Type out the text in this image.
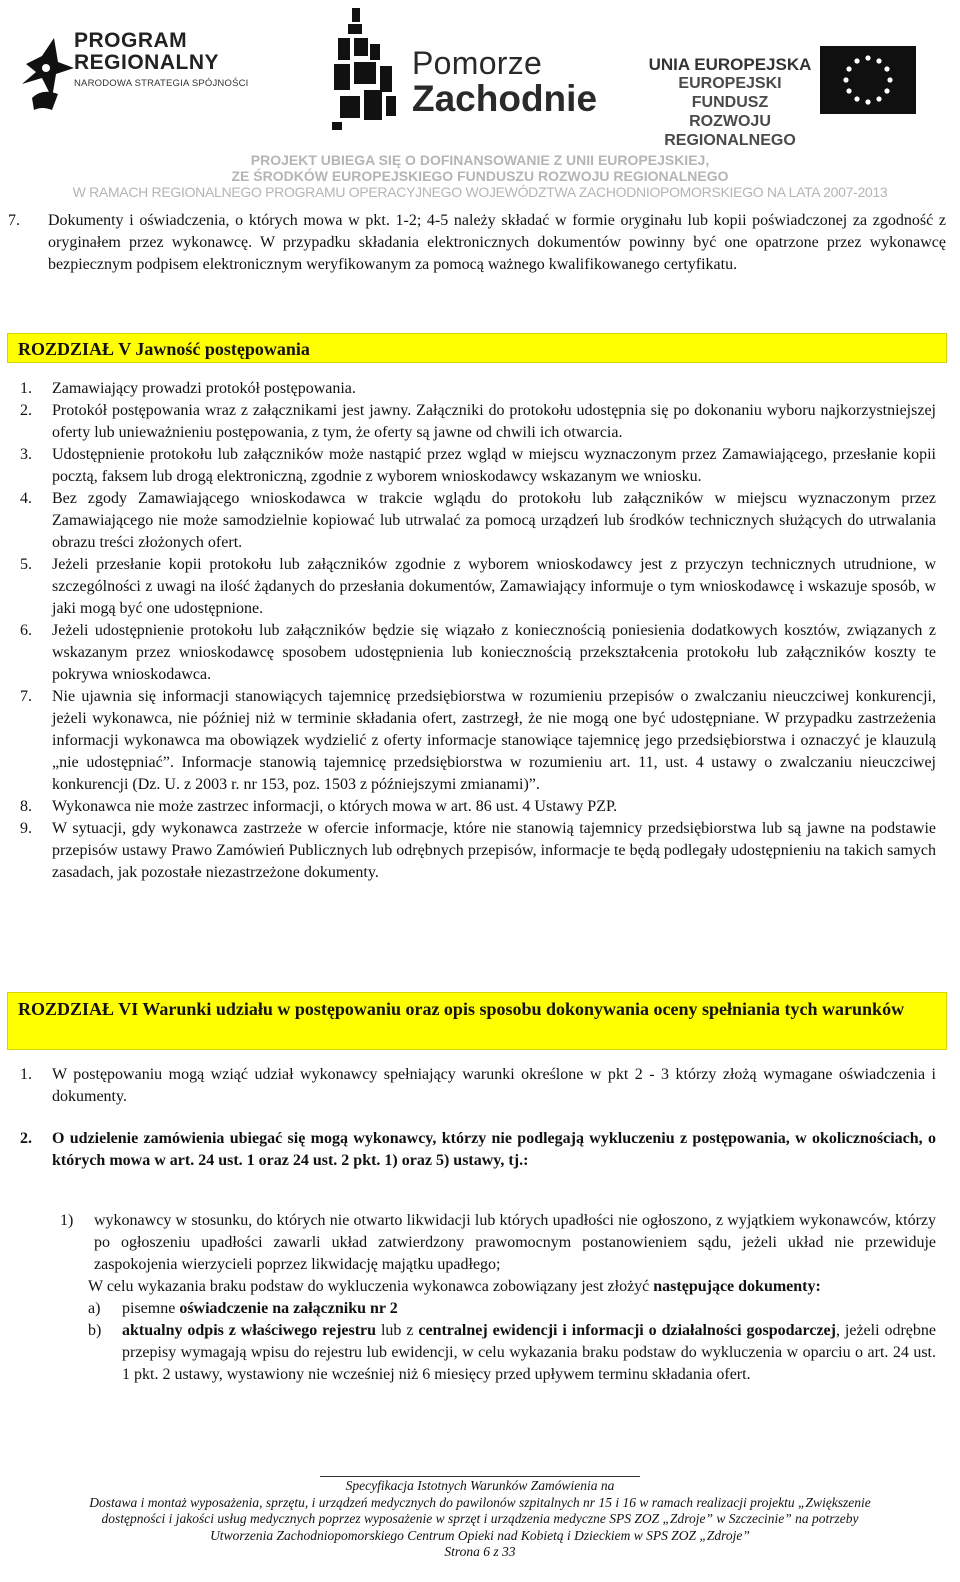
PROGRAM
REGIONALNY
NARODOWA STRATEGIA SPÓJNOŚCI
Pomorze
Zachodnie
UNIA EUROPEJSKA
EUROPEJSKI FUNDUSZ
ROZWOJU REGIONALNEGO
PROJEKT UBIEGA SIĘ O DOFINANSOWANIE Z UNII EUROPEJSKIEJ,
ZE ŚRODKÓW EUROPEJSKIEGO FUNDUSZU ROZWOJU REGIONALNEGO
W RAMACH REGIONALNEGO PROGRAMU OPERACYJNEGO WOJEWÓDZTWA ZACHODNIOPOMORSKIEGO NA LATA 2007-2013
7. Dokumenty i oświadczenia, o których mowa w pkt. 1-2; 4-5 należy składać w formie oryginału lub kopii poświadczonej za zgodność z oryginałem przez wykonawcę. W przypadku składania elektronicznych dokumentów powinny być one opatrzone przez wykonawcę bezpiecznym podpisem elektronicznym weryfikowanym za pomocą ważnego kwalifikowanego certyfikatu.
ROZDZIAŁ V Jawność postępowania
1. Zamawiający prowadzi protokół postępowania.
2. Protokół postępowania wraz z załącznikami jest jawny. Załączniki do protokołu udostępnia się po dokonaniu wyboru najkorzystniejszej oferty lub unieważnieniu postępowania, z tym, że oferty są jawne od chwili ich otwarcia.
3. Udostępnienie protokołu lub załączników może nastąpić przez wgląd w miejscu wyznaczonym przez Zamawiającego, przesłanie kopii pocztą, faksem lub drogą elektroniczną, zgodnie z wyborem wnioskodawcy wskazanym we wniosku.
4. Bez zgody Zamawiającego wnioskodawca w trakcie wglądu do protokołu lub załączników w miejscu wyznaczonym przez Zamawiającego nie może samodzielnie kopiować lub utrwalać za pomocą urządzeń lub środków technicznych służących do utrwalania obrazu treści złożonych ofert.
5. Jeżeli przesłanie kopii protokołu lub załączników zgodnie z wyborem wnioskodawcy jest z przyczyn technicznych utrudnione, w szczególności z uwagi na ilość żądanych do przesłania dokumentów, Zamawiający informuje o tym wnioskodawcę i wskazuje sposób, w jaki mogą być one udostępnione.
6. Jeżeli udostępnienie protokołu lub załączników będzie się wiązało z koniecznością poniesienia dodatkowych kosztów, związanych z wskazanym przez wnioskodawcę sposobem udostępnienia lub koniecznością przekształcenia protokołu lub załączników koszty te pokrywa wnioskodawca.
7. Nie ujawnia się informacji stanowiących tajemnicę przedsiębiorstwa w rozumieniu przepisów o zwalczaniu nieuczciwej konkurencji, jeżeli wykonawca, nie później niż w terminie składania ofert, zastrzegł, że nie mogą one być udostępniane. W przypadku zastrzeżenia informacji wykonawca ma obowiązek wydzielić z oferty informacje stanowiące tajemnicę jego przedsiębiorstwa i oznaczyć je klauzulą „nie udostępniać”. Informacje stanowią tajemnicę przedsiębiorstwa w rozumieniu art. 11, ust. 4 ustawy o zwalczaniu nieuczciwej konkurencji (Dz. U. z 2003 r. nr 153, poz. 1503 z późniejszymi zmianami)”.
8. Wykonawca nie może zastrzec informacji, o których mowa w art. 86 ust. 4 Ustawy PZP.
9. W sytuacji, gdy wykonawca zastrzeże w ofercie informacje, które nie stanowią tajemnicy przedsiębiorstwa lub są jawne na podstawie przepisów ustawy Prawo Zamówień Publicznych lub odrębnych przepisów, informacje te będą podlegały udostępnieniu na takich samych zasadach, jak pozostałe niezastrzeżone dokumenty.
ROZDZIAŁ VI Warunki udziału w postępowaniu oraz opis sposobu dokonywania oceny spełniania tych warunków
1. W postępowaniu mogą wziąć udział wykonawcy spełniający warunki określone w pkt 2 - 3 którzy złożą wymagane oświadczenia i dokumenty.
2. O udzielenie zamówienia ubiegać się mogą wykonawcy, którzy nie podlegają wykluczeniu z postępowania, w okolicznościach, o których mowa w art. 24 ust. 1 oraz 24 ust. 2 pkt. 1) oraz 5) ustawy, tj.:
1) wykonawcy w stosunku, do których nie otwarto likwidacji lub których upadłości nie ogłoszono, z wyjątkiem wykonawców, którzy po ogłoszeniu upadłości zawarli układ zatwierdzony prawomocnym postanowieniem sądu, jeżeli układ nie przewiduje zaspokojenia wierzycieli poprzez likwidację majątku upadłego;
W celu wykazania braku podstaw do wykluczenia wykonawca zobowiązany jest złożyć następujące dokumenty:
a) pisemne oświadczenie na załączniku nr 2
b) aktualny odpis z właściwego rejestru lub z centralnej ewidencji i informacji o działalności gospodarczej, jeżeli odrębne przepisy wymagają wpisu do rejestru lub ewidencji, w celu wykazania braku podstaw do wykluczenia w oparciu o art. 24 ust. 1 pkt. 2 ustawy, wystawiony nie wcześniej niż 6 miesięcy przed upływem terminu składania ofert.
Specyfikacja Istotnych Warunków Zamówienia na
Dostawa i montaż wyposażenia, sprzętu, i urządzeń medycznych do pawilonów szpitalnych nr 15 i 16 w ramach realizacji projektu „Zwiększenie
dostępności i jakości usług medycznych poprzez wyposażenie w sprzęt i urządzenia medyczne SPS ZOZ „Zdroje” w Szczecinie” na potrzeby
Utworzenia Zachodniopomorskiego Centrum Opieki nad Kobietą i Dzieckiem w SPS ZOZ „Zdroje”
Strona 6 z 33
